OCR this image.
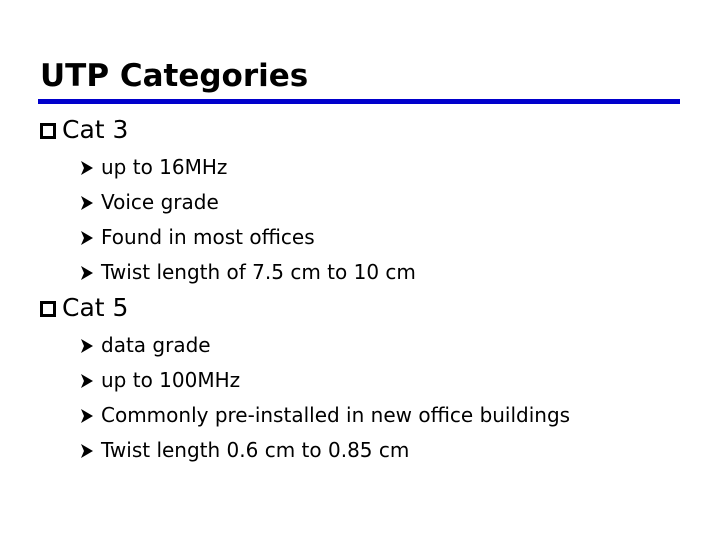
UTP Categories
Cat 3
up to 16MHz
Voice grade
Found in most offices
Twist length of 7.5 cm to 10 cm
Cat 5
data grade
up to 100MHz
Commonly pre-installed in new office buildings
Twist length 0.6 cm to 0.85 cm
